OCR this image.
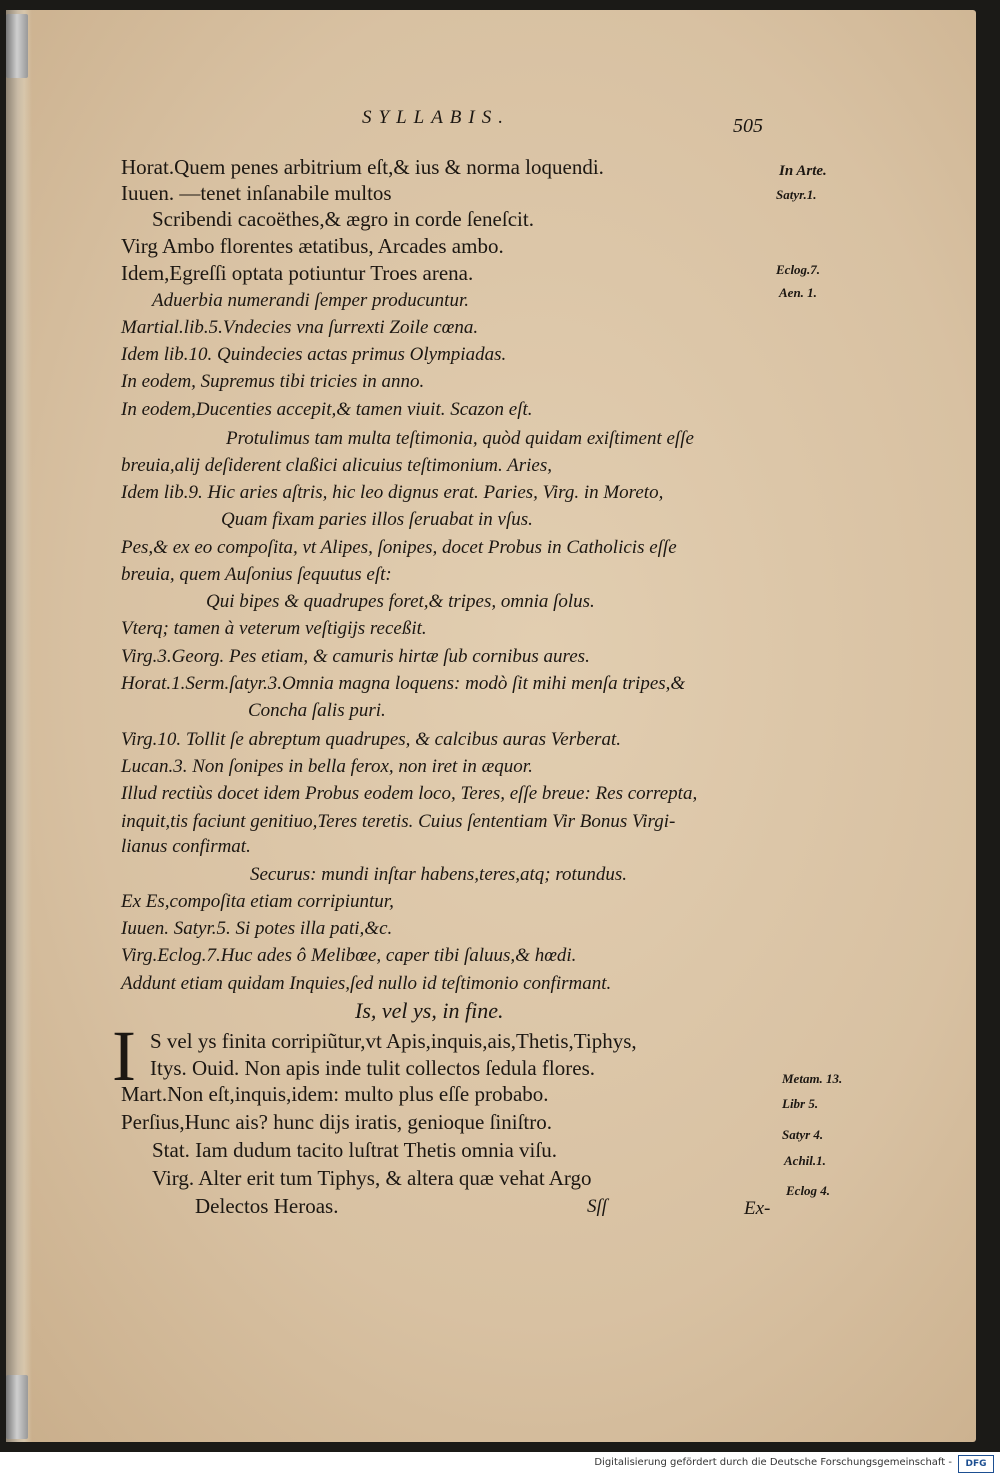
SYLLABIS.	505
Horat.Quem penes arbitrium eſt,& ius & norma loquendi.
Iuuen. —tenet inſanabile multos
Scribendi cacoëthes,& ægro in corde ſeneſcit.
Virg Ambo florentes ætatibus, Arcades ambo.
Idem,Egreſſi optata potiuntur Troes arena.
Aduerbia numerandi ſemper producuntur.
Martial.lib.5.Vndecies vna ſurrexti Zoile cœna.
Idem lib.10. Quindecies actas primus Olympiadas.
In eodem, Supremus tibi tricies in anno.
In eodem,Ducenties accepit,& tamen viuit. Scazon eſt.
Protulimus tam multa teſtimonia, quòd quidam exiſtiment eſſe
breuia,alij deſiderent claßici alicuius teſtimonium. Aries,
Idem lib.9. Hic aries aſtris, hic leo dignus erat. Paries, Virg. in Moreto,
Quam fixam paries illos ſeruabat in vſus.
Pes,& ex eo compoſita, vt Alipes, ſonipes, docet Probus in Catholicis eſſe
breuia, quem Auſonius ſequutus eſt:
Qui bipes & quadrupes foret,& tripes, omnia ſolus.
Vterq; tamen à veterum veſtigijs receßit.
Virg.3.Georg. Pes etiam, & camuris hirtæ ſub cornibus aures.
Horat.1.Serm.ſatyr.3.Omnia magna loquens: modò ſit mihi menſa tripes,&
Concha ſalis puri.
Virg.10. Tollit ſe abreptum quadrupes, & calcibus auras Verberat.
Lucan.3. Non ſonipes in bella ferox, non iret in æquor.
Illud rectiùs docet idem Probus eodem loco, Teres, eſſe breue: Res correpta,
inquit,tis faciunt genitiuo,Teres teretis. Cuius ſententiam Vir Bonus Virgi-
lianus confirmat.
Securus: mundi inſtar habens,teres,atq; rotundus.
Ex Es,compoſita etiam corripiuntur,
Iuuen. Satyr.5. Si potes illa pati,&c.
Virg.Eclog.7.Huc ades ô Melibœe, caper tibi ſaluus,& hœdi.
Addunt etiam quidam Inquies,ſed nullo id teſtimonio confirmant.
Is, vel ys, in fine.
I S vel ys finita corripiũtur,vt Apis,inquis,ais,Thetis,Tiphys,
Itys. Ouid. Non apis inde tulit collectos ſedula flores.
Mart.Non eſt,inquis,idem: multo plus eſſe probabo.
Perſius,Hunc ais? hunc dijs iratis, genioque ſiniſtro.
Stat. Iam dudum tacito luſtrat Thetis omnia viſu.
Virg. Alter erit tum Tiphys, & altera quæ vehat Argo
Delectos Heroas.	Sſſ	Ex-
In Arte.
Satyr.1.
Eclog.7.
Aen. 1.
Metam. 13.
Libr 5.
Satyr 4.
Achil.1.
Eclog 4.
Digitalisierung gefördert durch die Deutsche Forschungsgemeinschaft -	DFG
